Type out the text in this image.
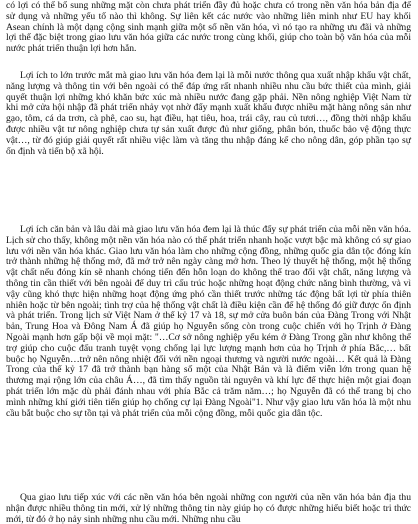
có lợi có thể bổ sung những mặt còn chưa phát triển đầy đủ hoặc chưa có trong nền văn hóa bản địa để sử dụng và những yếu tố nào thì không. Sự liên kết các nước vào những liên minh như EU hay khối Asean chính là một dạng cộng sinh mạnh giữa một số nền văn hóa, vì nó tạo ra những ưu đãi và những lợi thế đặc biệt trong giao lưu văn hóa giữa các nước trong cùng khối, giúp cho toàn bộ văn hóa của mỗi nước phát triển thuận lợi hơn hẳn.

Lợi ích to lớn trước mắt mà giao lưu văn hóa đem lại là mỗi nước thông qua xuất nhập khẩu vật chất, năng lượng và thông tin với bên ngoài có thể đáp ứng rất nhanh nhiều nhu cầu bức thiết của mình, giải quyết thuận lợi những khó khăn bức xúc mà nhiều nước đang gặp phải. Nền nông nghiệp Việt Nam từ khi mở cửa hội nhập đã phát triển nhảy vọt nhờ đẩy mạnh xuất khẩu được nhiều mặt hàng nông sản như gạo, tôm, cá da trơn, cà phê, cao su, hạt điều, hạt tiêu, hoa, trái cây, rau củ tươi…, đồng thời nhập khẩu được nhiều vật tư nông nghiệp chưa tự sản xuất được đủ như giống, phân bón, thuốc bảo vệ động thực vật…, từ đó giúp giải quyết rất nhiều việc làm và tăng thu nhập đáng kể cho nông dân, góp phần tạo sự ổn định và tiến bộ xã hội.

Lợi ích căn bản và lâu dài mà giao lưu văn hóa đem lại là thúc đẩy sự phát triển của mỗi nền văn hóa. Lịch sử cho thấy, không một nền văn hóa nào có thể phát triển nhanh hoặc vượt bậc mà không có sự giao lưu với nền văn hóa khác. Giao lưu văn hóa làm cho những cộng đồng, những quốc gia dân tộc đóng kín trở thành những hệ thống mở, đã mở trở nên ngày càng mở hơn. Theo lý thuyết hệ thống, một hệ thống vật chất nếu đóng kín sẽ nhanh chóng tiến đến hỗn loạn do không thể trao đổi vật chất, năng lượng và thông tin cần thiết với bên ngoài để duy trì cấu trúc hoặc những hoạt động chức năng bình thường, và vì vậy cũng khó thực hiện những hoạt động ứng phó cần thiết trước những tác động bất lợi từ phía thiên nhiên hoặc từ bên ngoài; tình trợ của hệ thống vật chất là điều kiện cần để hệ thống đó giữ được ổn định và phát triển. Trong lịch sử Việt Nam ở thế kỷ 17 và 18, sự mở cửa buôn bán của Đàng Trong với Nhật bản, Trung Hoa và Đông Nam Á đã giúp họ Nguyễn sống còn trong cuộc chiến với họ Trịnh ở Đàng Ngoài mạnh hơn gấp bội về mọi mặt: "…Cơ sở nông nghiệp yếu kém ở Đàng Trong gần như không thể trợ giúp cho cuộc đấu tranh tuyệt vọng chống lại lực lượng mạnh hơn của họ Trịnh ở phía Bắc,… bất buộc họ Nguyễn…trở nên nông nhiệt đối với nền ngoại thương và người nước ngoài… Kết quả là Đàng Trong của thế kỷ 17 đã trở thành bạn hàng số một của Nhật Bản và là điểm viễn lớn trong quan hệ thương mại rộng lớn của châu Á…, đã tìm thấy nguồn tài nguyên và khí lực để thực hiện một giai đoạn phát triển lớn mặc dù phải đánh nhau với phía Bắc cả trăm năm…; họ Nguyễn đã có thể trang bị cho mình những khí giới tiên tiến giúp họ chống cự lại Đàng Ngoài"1. Như vậy giao lưu văn hóa là một nhu cầu bắt buộc cho sự tồn tại và phát triển của mỗi cộng đồng, mỗi quốc gia dân tộc.

Qua giao lưu tiếp xúc với các nền văn hóa bên ngoài những con người của nền văn hóa bản địa thu nhận được nhiều thông tin mới, xử lý những thông tin này giúp họ có được những hiểu biết hoặc tri thức mới, từ đó ở họ nảy sinh những nhu cầu mới. Những nhu cầu
